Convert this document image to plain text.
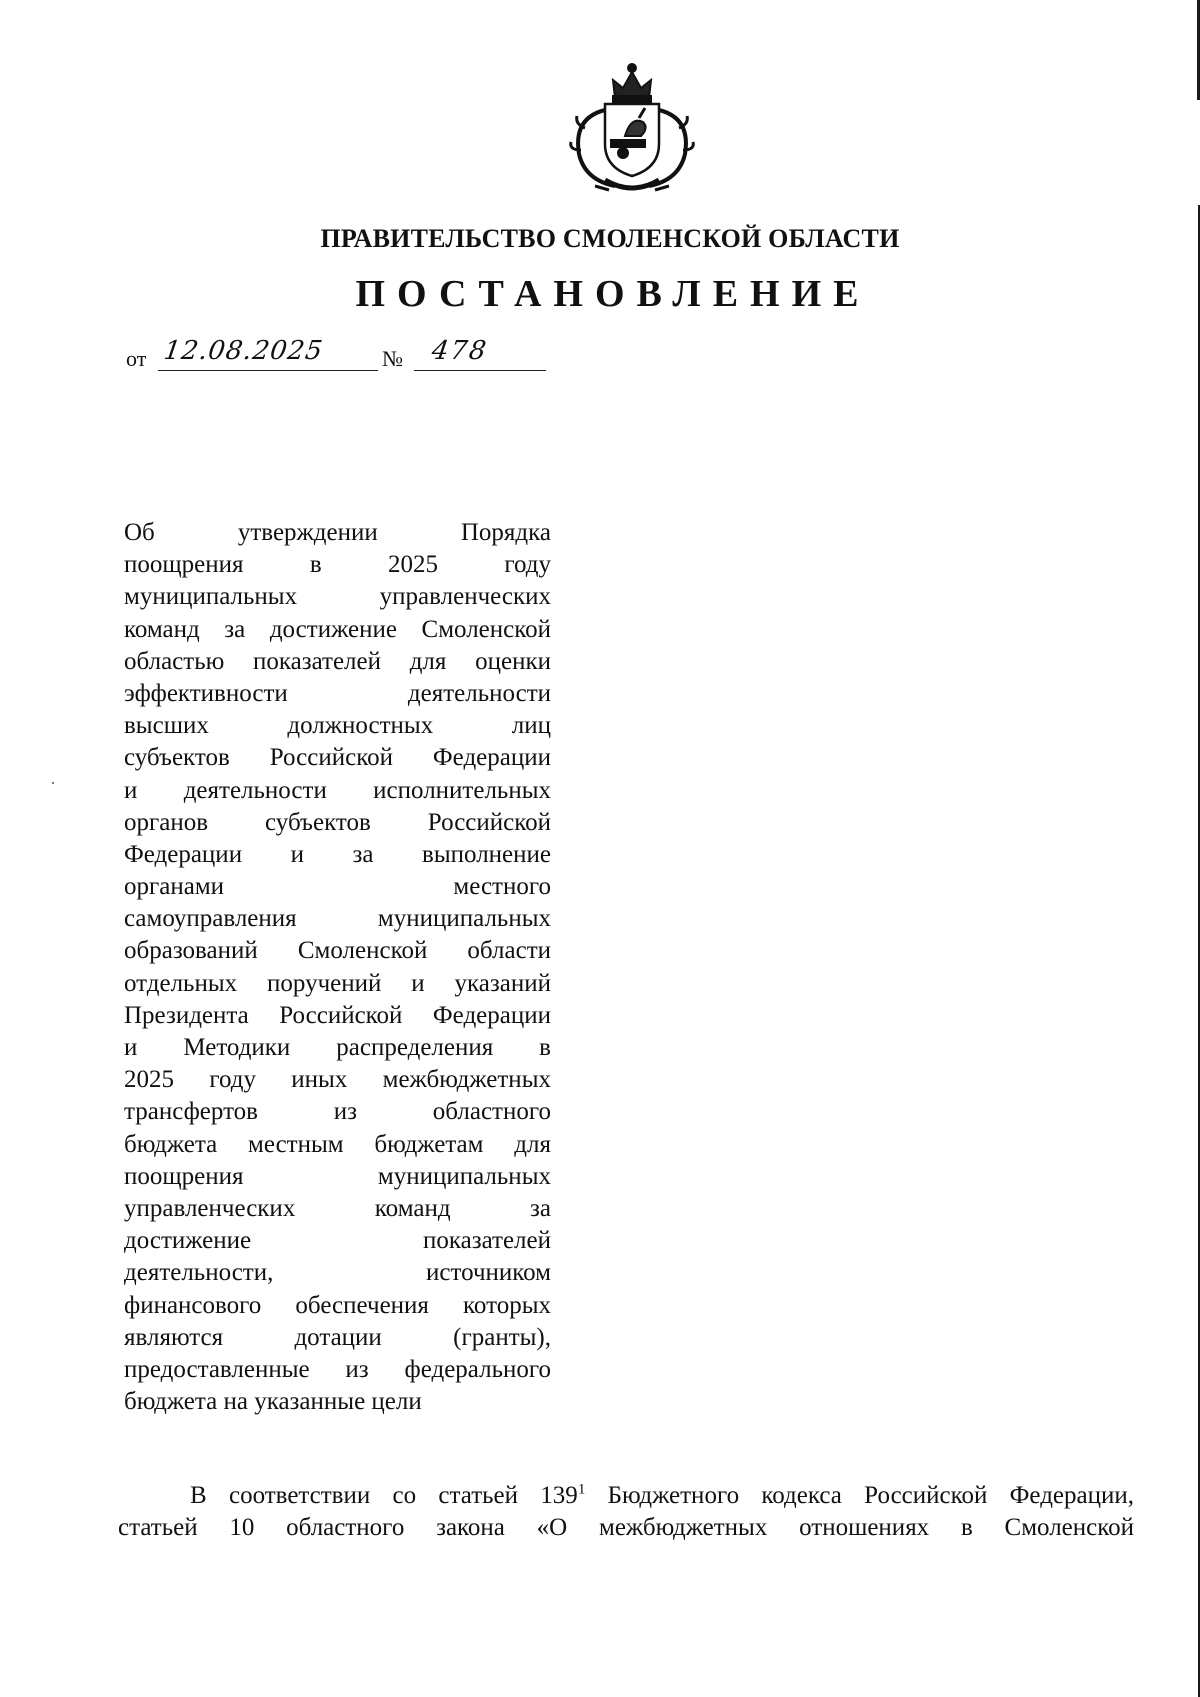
ПРАВИТЕЛЬСТВО СМОЛЕНСКОЙ ОБЛАСТИ
ПОСТАНОВЛЕНИЕ
от 12.08.2025	№ 478
Об утверждении Порядка
поощрения в 2025 году
муниципальных управленческих
команд за достижение Смоленской
областью показателей для оценки
эффективности деятельности
высших должностных лиц
субъектов Российской Федерации
и деятельности исполнительных
органов субъектов Российской
Федерации и за выполнение
органами местного
самоуправления муниципальных
образований Смоленской области
отдельных поручений и указаний
Президента Российской Федерации
и Методики распределения в
2025 году иных межбюджетных
трансфертов из областного
бюджета местным бюджетам для
поощрения муниципальных
управленческих команд за
достижение показателей
деятельности, источником
финансового обеспечения которых
являются дотации (гранты),
предоставленные из федерального
бюджета на указанные цели
В соответствии со статьей $139^1$ Бюджетного кодекса Российской Федерации,
статьей 10 областного закона «О межбюджетных отношениях в Смоленской
